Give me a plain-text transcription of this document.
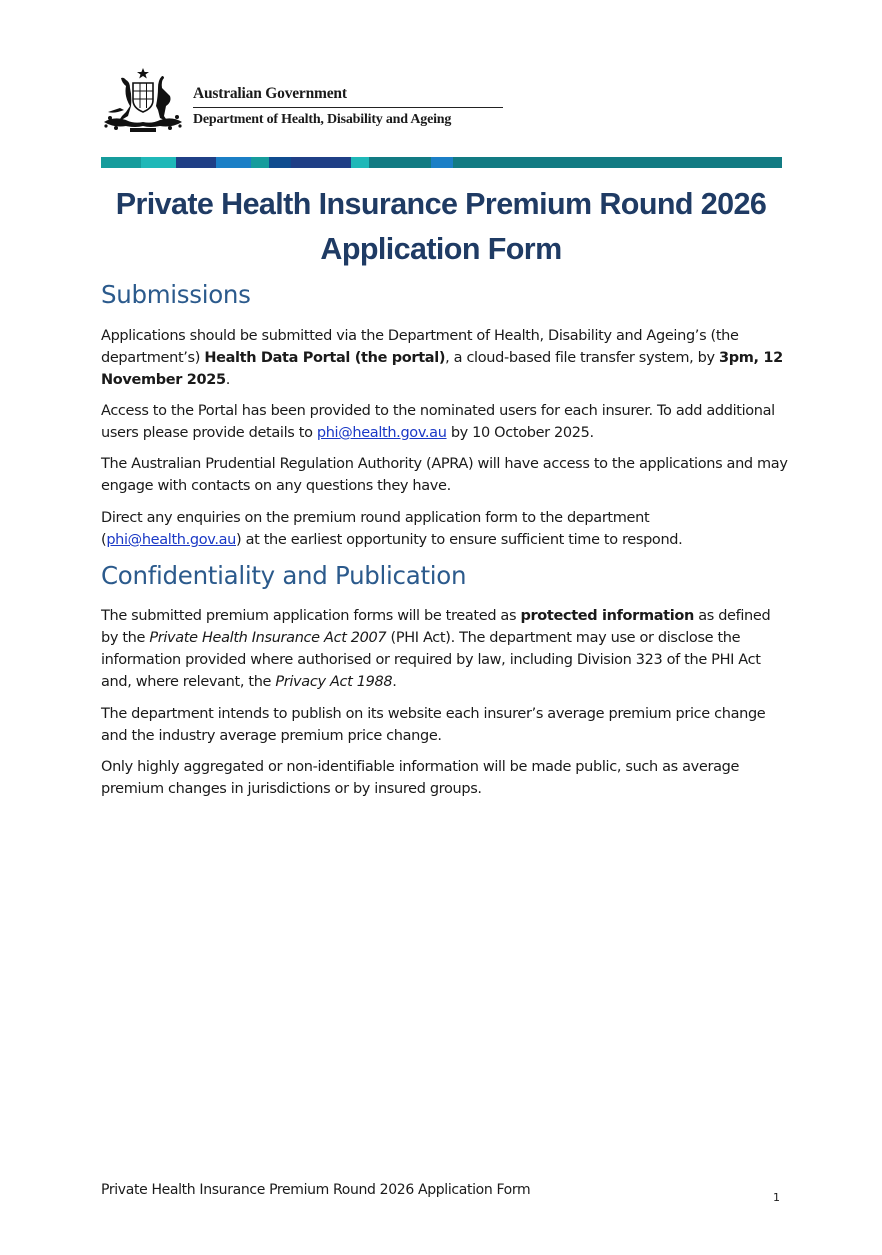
Australian Government
Department of Health, Disability and Ageing
Private Health Insurance Premium Round 2026
Application Form
Submissions

Applications should be submitted via the Department of Health, Disability and Ageing’s (the department’s) Health Data Portal (the portal), a cloud-based file transfer system, by 3pm, 12 November 2025.

Access to the Portal has been provided to the nominated users for each insurer. To add additional users please provide details to phi@health.gov.au by 10 October 2025.

The Australian Prudential Regulation Authority (APRA) will have access to the applications and may engage with contacts on any questions they have.

Direct any enquiries on the premium round application form to the department (phi@health.gov.au) at the earliest opportunity to ensure sufficient time to respond.

Confidentiality and Publication

The submitted premium application forms will be treated as protected information as defined by the Private Health Insurance Act 2007 (PHI Act). The department may use or disclose the information provided where authorised or required by law, including Division 323 of the PHI Act and, where relevant, the Privacy Act 1988.

The department intends to publish on its website each insurer’s average premium price change and the industry average premium price change.

Only highly aggregated or non-identifiable information will be made public, such as average premium changes in jurisdictions or by insured groups.

Private Health Insurance Premium Round 2026 Application Form	1
